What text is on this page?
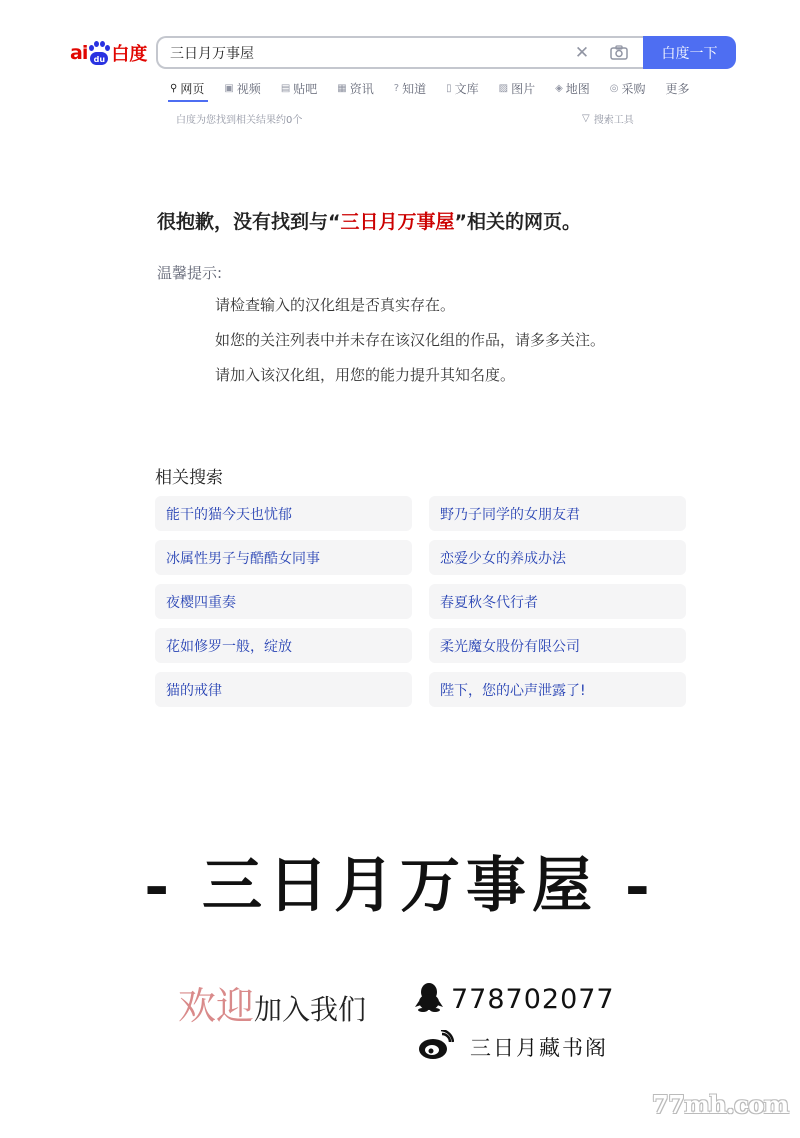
ai du 白度 三日月万事屋	✕	白度一下
⚲ 网页 ▣ 视频 ▤ 贴吧 ▦ 资讯 ? 知道 ▯ 文库 ▨ 图片 ◈ 地图 ◎ 采购 更多
白度为您找到相关结果约0个	▽ 搜索工具
很抱歉，没有找到与“三日月万事屋”相关的网页。
温馨提示:
请检查输入的汉化组是否真实存在。
如您的关注列表中并未存在该汉化组的作品，请多多关注。
请加入该汉化组，用您的能力提升其知名度。
相关搜索
能干的猫今天也忧郁	野乃子同学的女朋友君
冰属性男子与酷酷女同事	恋爱少女的养成办法
夜樱四重奏	春夏秋冬代行者
花如修罗一般，绽放	柔光魔女股份有限公司
猫的戒律	陛下，您的心声泄露了!
- 三日月万事屋 -
欢迎 加入我们	778702077
三日月藏书阁
77mh.com
